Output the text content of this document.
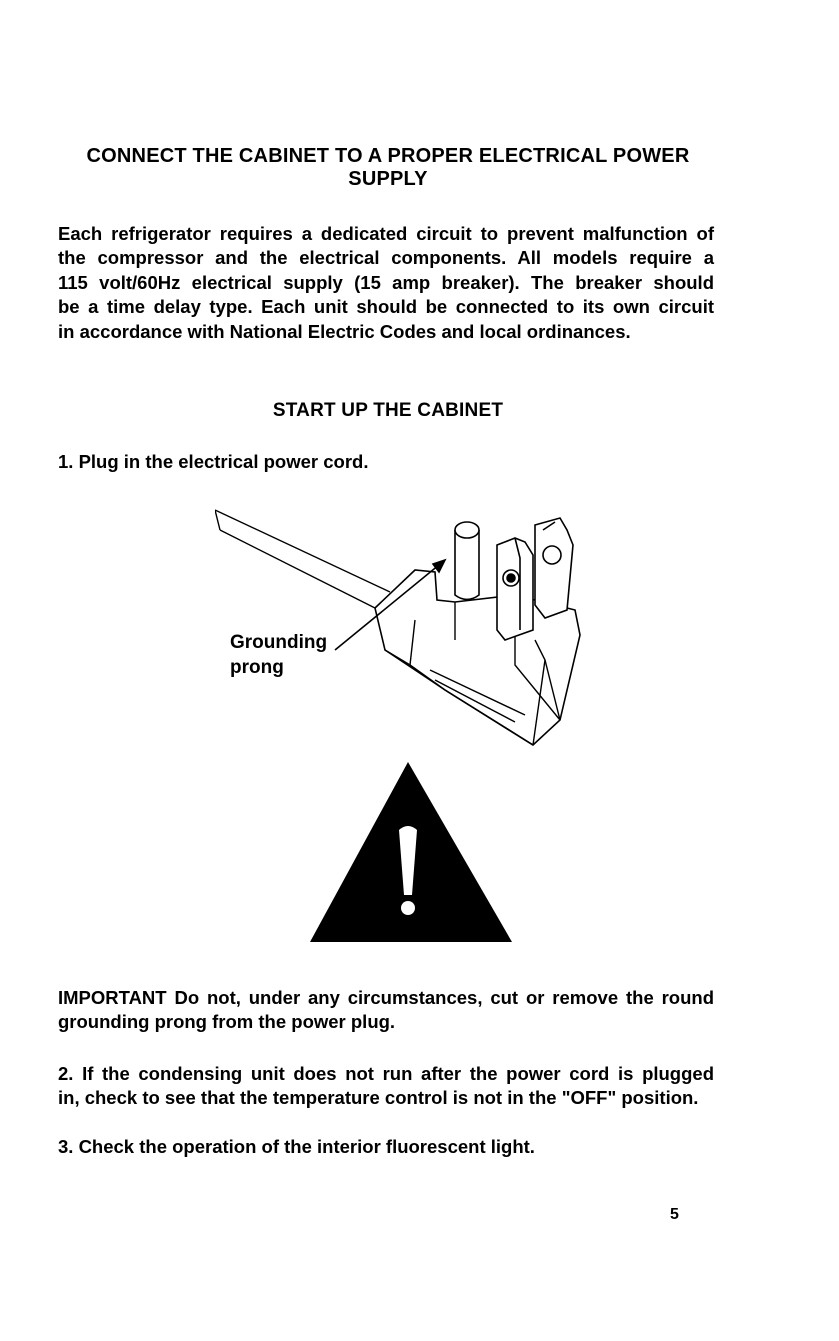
CONNECT THE CABINET TO A PROPER ELECTRICAL POWER
SUPPLY

Each refrigerator requires a dedicated circuit to prevent malfunction of
the compressor and the electrical components. All models require a
115 volt/60Hz electrical supply (15 amp breaker). The breaker should
be a time delay type. Each unit should be connected to its own circuit
in accordance with National Electric Codes and local ordinances.

START UP THE CABINET

1. Plug in the electrical power cord.

Grounding
prong

IMPORTANT Do not, under any circumstances, cut or remove the round
grounding prong from the power plug.

2. If the condensing unit does not run after the power cord is plugged
in, check to see that the temperature control is not in the "OFF" position.

3. Check the operation of the interior fluorescent light.

5
